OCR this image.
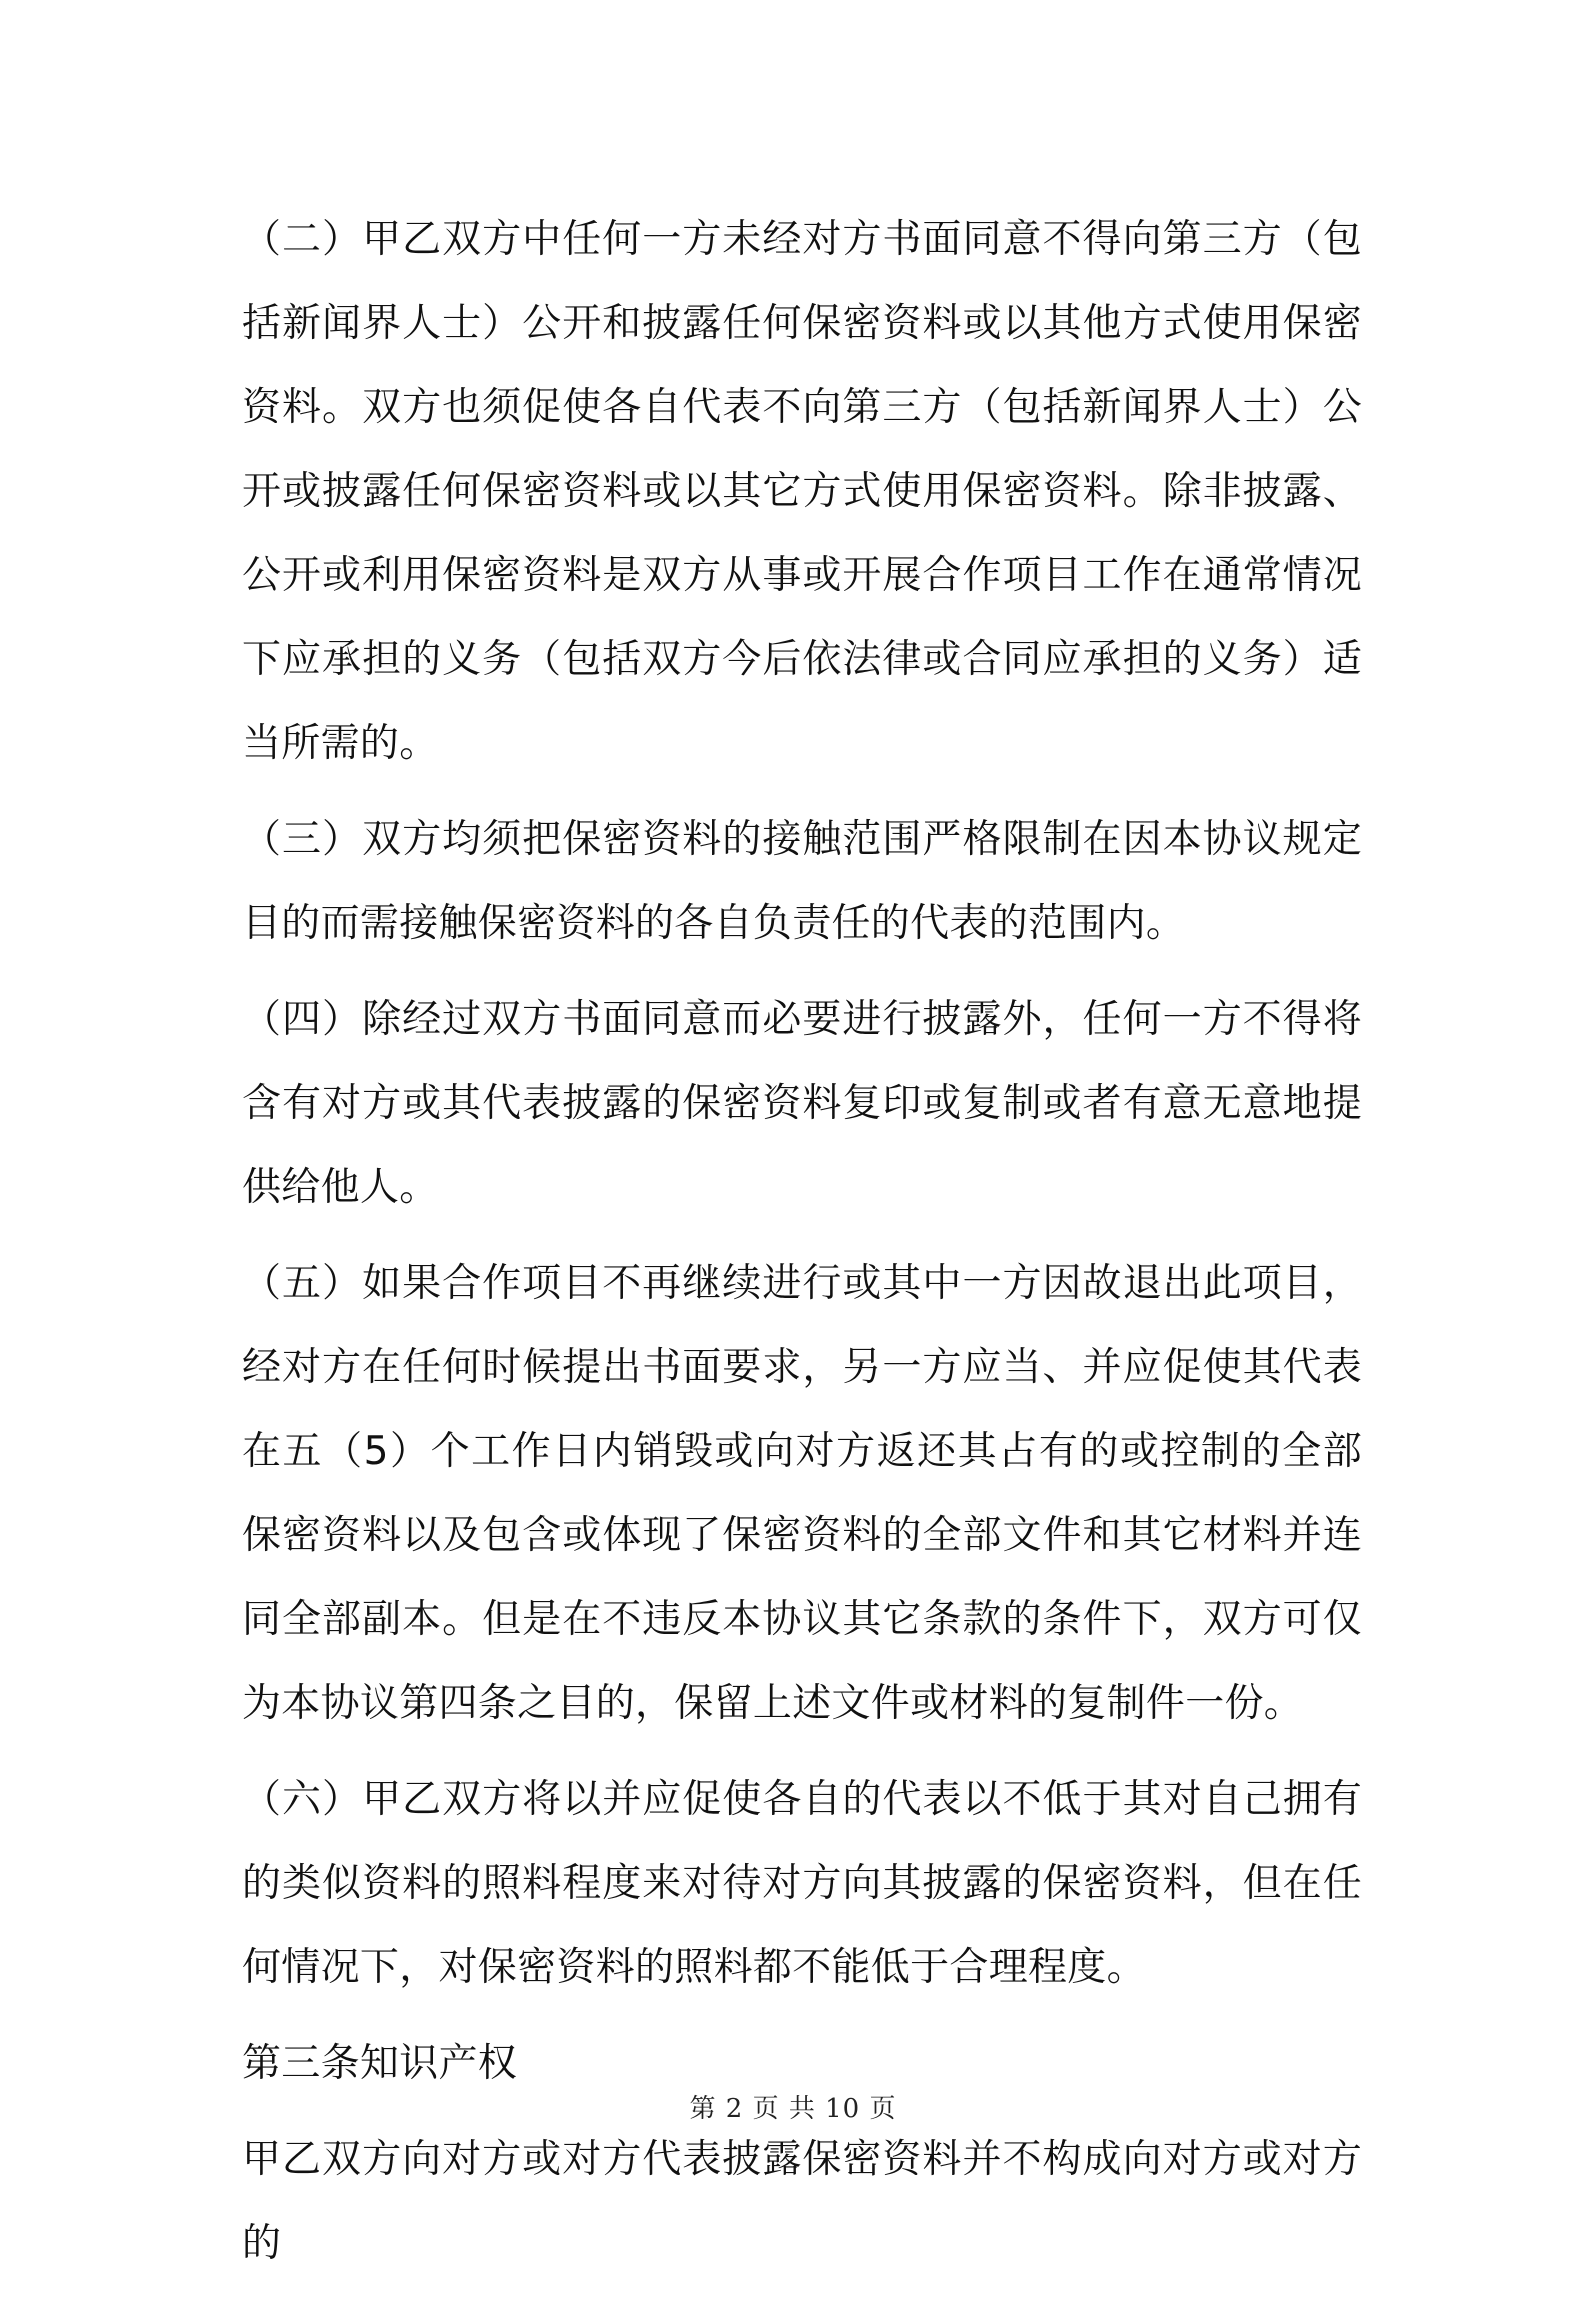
（二）甲乙双方中任何一方未经对方书面同意不得向第三方（包括新闻界人士）公开和披露任何保密资料或以其他方式使用保密资料。双方也须促使各自代表不向第三方（包括新闻界人士）公开或披露任何保密资料或以其它方式使用保密资料。除非披露、公开或利用保密资料是双方从事或开展合作项目工作在通常情况下应承担的义务（包括双方今后依法律或合同应承担的义务）适当所需的。

（三）双方均须把保密资料的接触范围严格限制在因本协议规定目的而需接触保密资料的各自负责任的代表的范围内。

（四）除经过双方书面同意而必要进行披露外，任何一方不得将含有对方或其代表披露的保密资料复印或复制或者有意无意地提供给他人。

（五）如果合作项目不再继续进行或其中一方因故退出此项目，经对方在任何时候提出书面要求，另一方应当、并应促使其代表在五（5）个工作日内销毁或向对方返还其占有的或控制的全部保密资料以及包含或体现了保密资料的全部文件和其它材料并连同全部副本。但是在不违反本协议其它条款的条件下，双方可仅为本协议第四条之目的，保留上述文件或材料的复制件一份。

（六）甲乙双方将以并应促使各自的代表以不低于其对自己拥有的类似资料的照料程度来对待对方向其披露的保密资料，但在任何情况下，对保密资料的照料都不能低于合理程度。

第三条知识产权

甲乙双方向对方或对方代表披露保密资料并不构成向对方或对方的

第 2 页 共 10 页
